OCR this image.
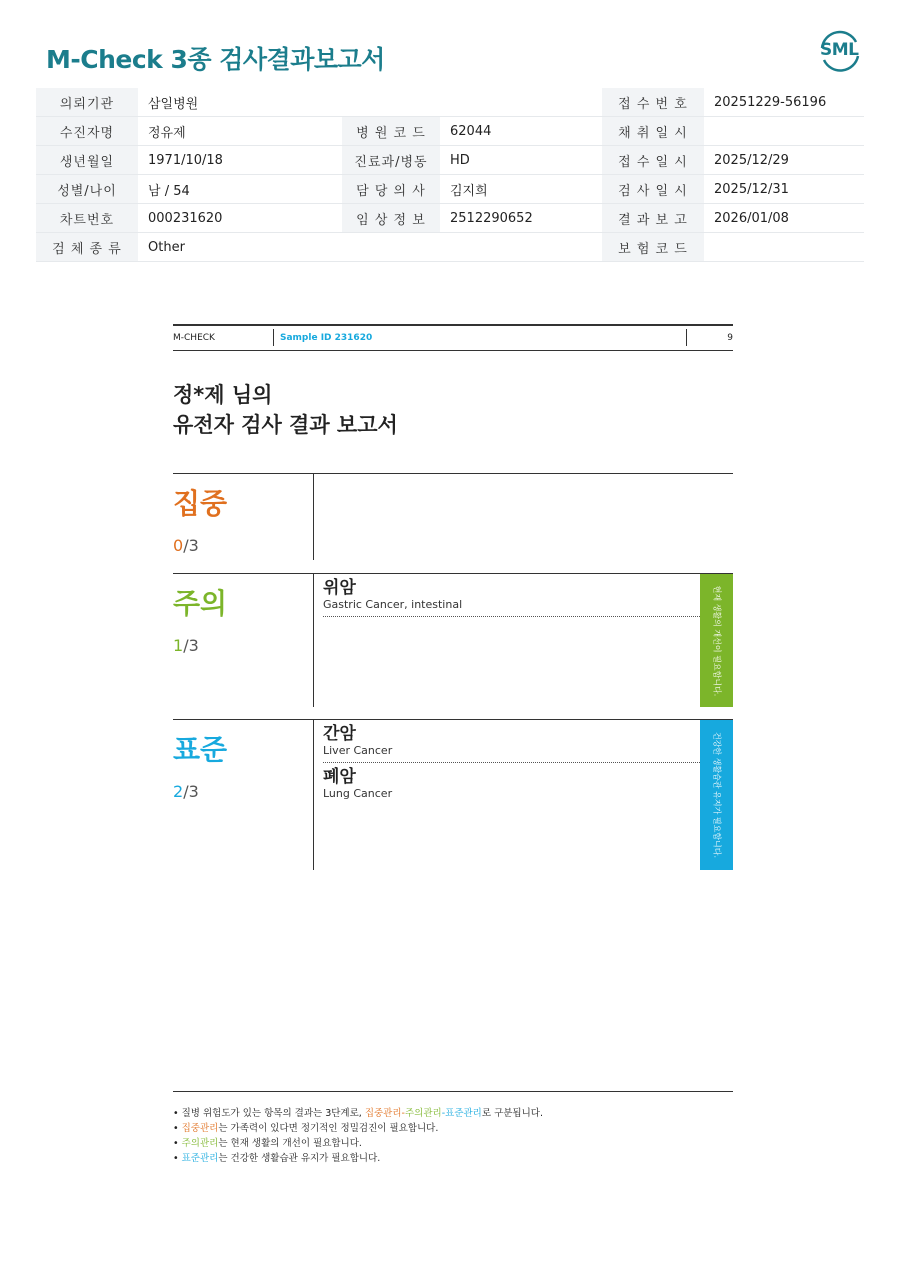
M-Check 3종 검사결과보고서	SML
의뢰기관	삼일병원			접 수 번 호	20251229-56196
수진자명	정유제	병 원 코 드	62044	채 취 일 시	
생년월일	1971/10/18	진료과/병동	HD	접 수 일 시	2025/12/29
성별/나이	남 / 54	담 당 의 사	김지희	검 사 일 시	2025/12/31
차트번호	000231620	임 상 정 보	2512290652	결 과 보 고	2026/01/08
검 체 종 류	Other			보 험 코 드	
M-CHECK	Sample ID 231620	9
정*제 님의
유전자 검사 결과 보고서
집중
0/3
주의
1/3
위암
Gastric Cancer, intestinal	현재 생활의 개선이 필요합니다.
표준
2/3
간암
Liver Cancer
폐암
Lung Cancer	건강한 생활습관 유지가 필요합니다.
• 질병 위험도가 있는 항목의 결과는 3단계로, 집중관리-주의관리-표준관리로 구분됩니다.
• 집중관리는 가족력이 있다면 정기적인 정밀검진이 필요합니다.
• 주의관리는 현재 생활의 개선이 필요합니다.
• 표준관리는 건강한 생활습관 유지가 필요합니다.
